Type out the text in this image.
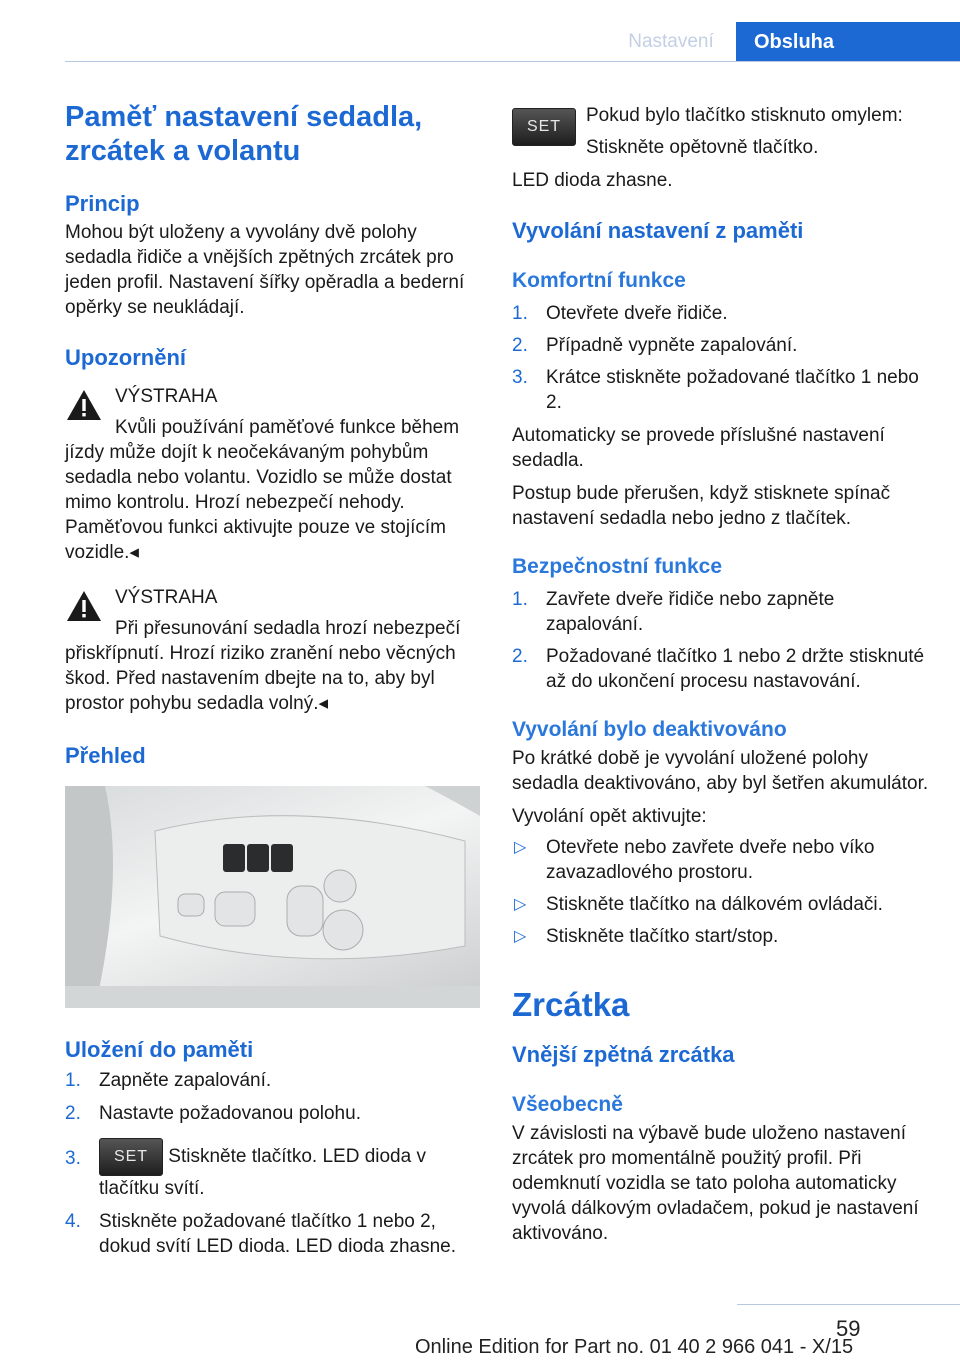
Nastavení	Obsluha
Paměť nastavení sedadla, zrcátek a volantu
Princip

Mohou být uloženy a vyvolány dvě polohy sedadla řidiče a vnějších zpětných zrcátek pro jeden profil. Nastavení šířky opěradla a bederní opěrky se neukládají.

Upozornění

VÝSTRAHA

Kvůli používání paměťové funkce během jízdy může dojít k neočekávaným pohybům sedadla nebo volantu. Vozidlo se může dostat mimo kontrolu. Hrozí nebezpečí nehody. Paměťovou funkci aktivujte pouze ve stojícím vozidle.◂

VÝSTRAHA

Při přesunování sedadla hrozí nebezpečí přiskřípnutí. Hrozí riziko zranění nebo věcných škod. Před nastavením dbejte na to, aby byl prostor pohybu sedadla volný.◂

Přehled
Uložení do paměti
1. Zapněte zapalování.
2. Nastavte požadovanou polohu.
3. SET Stiskněte tlačítko. LED dioda v tlačítku svítí.
4. Stiskněte požadované tlačítko 1 nebo 2, dokud svítí LED dioda. LED dioda zhasne.
SET

Pokud bylo tlačítko stisknuto omylem:

Stiskněte opětovně tlačítko.

LED dioda zhasne.

Vyvolání nastavení z paměti
Komfortní funkce
1. Otevřete dveře řidiče.
2. Případně vypněte zapalování.
3. Krátce stiskněte požadované tlačítko 1 nebo 2.

Automaticky se provede příslušné nastavení sedadla.

Postup bude přerušen, když stisknete spínač nastavení sedadla nebo jedno z tlačítek.

Bezpečnostní funkce
1. Zavřete dveře řidiče nebo zapněte zapalování.
2. Požadované tlačítko 1 nebo 2 držte stisknuté až do ukončení procesu nastavování.
Vyvolání bylo deaktivováno

Po krátké době je vyvolání uložené polohy sedadla deaktivováno, aby byl šetřen akumulátor.

Vyvolání opět aktivujte:

▷ Otevřete nebo zavřete dveře nebo víko zavazadlového prostoru.
▷ Stiskněte tlačítko na dálkovém ovládači.
▷ Stiskněte tlačítko start/stop.
Zrcátka
Vnější zpětná zrcátka
Všeobecně

V závislosti na výbavě bude uloženo nastavení zrcátek pro momentálně použitý profil. Při odemknutí vozidla se tato poloha automaticky vyvolá dálkovým ovladačem, pokud je nastavení aktivováno.

59
Online Edition for Part no. 01 40 2 966 041 - X/15
